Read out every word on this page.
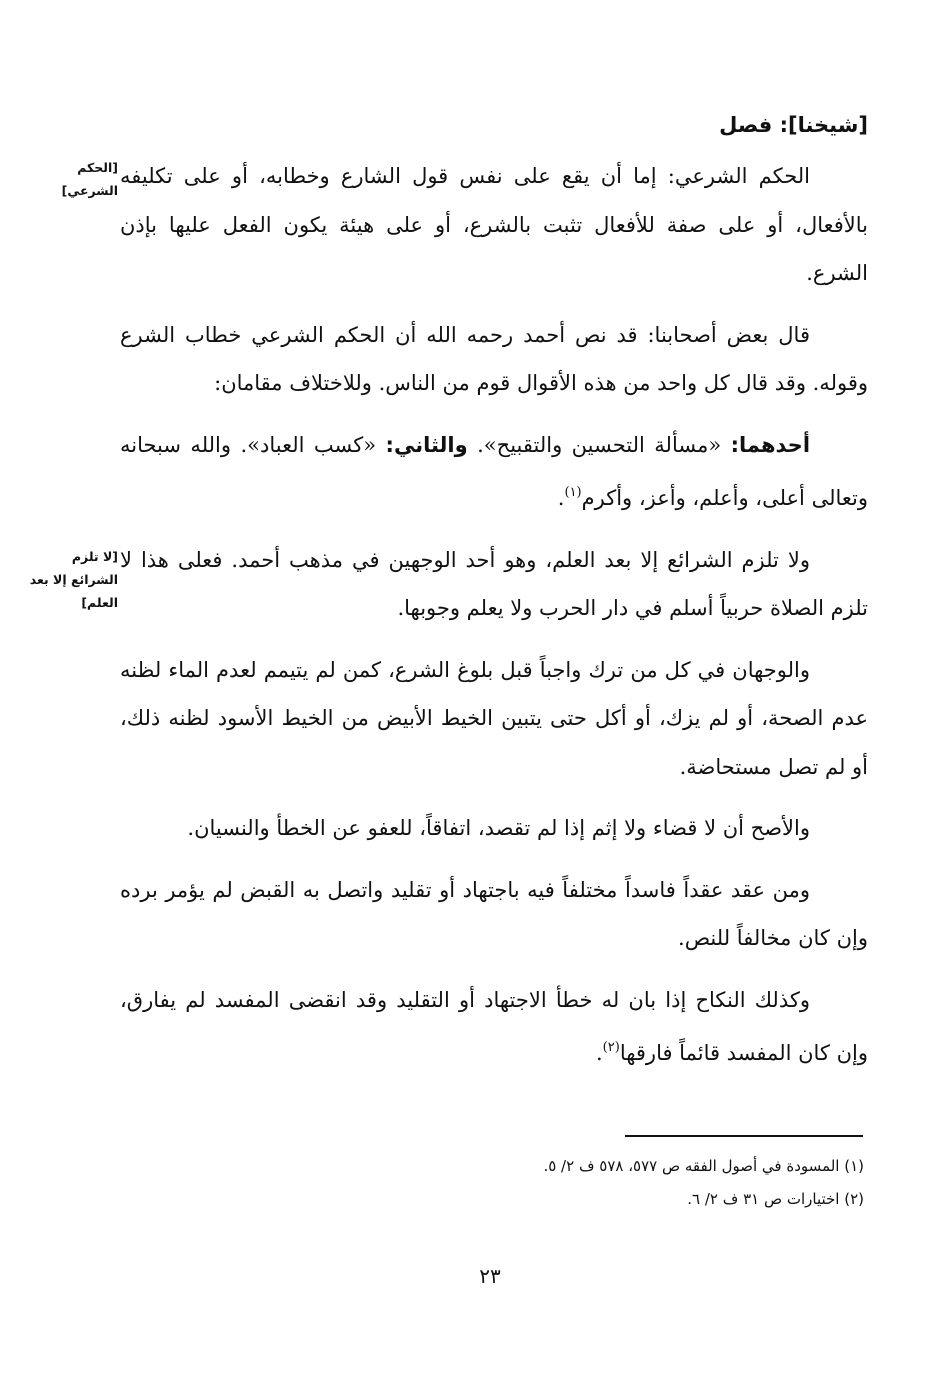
[شيخنا]: فصل
[الحكم الشرعي]
[لا تلزم الشرائع إلا بعد العلم]

الحكم الشرعي: إما أن يقع على نفس قول الشارع وخطابه، أو على تكليفه بالأفعال، أو على صفة للأفعال تثبت بالشرع، أو على هيئة يكون الفعل عليها بإذن الشرع.

قال بعض أصحابنا: قد نص أحمد رحمه الله أن الحكم الشرعي خطاب الشرع وقوله. وقد قال كل واحد من هذه الأقوال قوم من الناس. وللاختلاف مقامان:

أحدهما: «مسألة التحسين والتقبيح». والثاني: «كسب العباد». والله سبحانه وتعالى أعلى، وأعلم، وأعز، وأكرم$^{(١)}$.

ولا تلزم الشرائع إلا بعد العلم، وهو أحد الوجهين في مذهب أحمد. فعلى هذا لا تلزم الصلاة حربياً أسلم في دار الحرب ولا يعلم وجوبها.

والوجهان في كل من ترك واجباً قبل بلوغ الشرع، كمن لم يتيمم لعدم الماء لظنه عدم الصحة، أو لم يزك، أو أكل حتى يتبين الخيط الأبيض من الخيط الأسود لظنه ذلك، أو لم تصل مستحاضة.

والأصح أن لا قضاء ولا إثم إذا لم تقصد، اتفاقاً، للعفو عن الخطأ والنسيان.

ومن عقد عقداً فاسداً مختلفاً فيه باجتهاد أو تقليد واتصل به القبض لم يؤمر برده وإن كان مخالفاً للنص.

وكذلك النكاح إذا بان له خطأ الاجتهاد أو التقليد وقد انقضى المفسد لم يفارق، وإن كان المفسد قائماً فارقها$^{(٢)}$.

(١) المسودة في أصول الفقه ص ٥٧٧، ٥٧٨ ف ٢/ ٥.
(٢) اختيارات ص ٣١ ف ٢/ ٦.
٢٣
